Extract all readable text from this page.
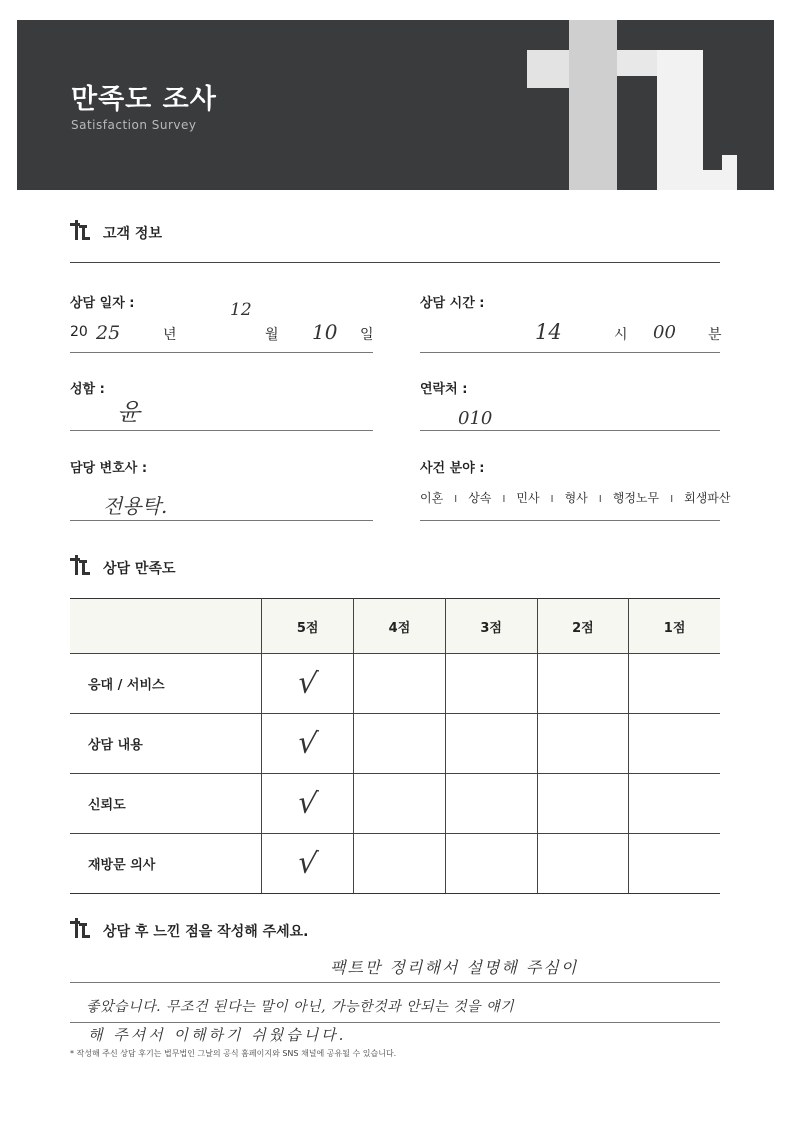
만족도 조사
Satisfaction Survey
고객 정보
상담 일자 :
20 25	년
12
월 10 일
상담 시간 :
14	시 00 분
성함 :
윤
연락처 :
010
담당 변호사 :
전용탁.
사건 분야 :
이혼 ı 상속 ı 민사 ı 형사 ı 행정노무 ı 회생파산
상담 만족도
	5점	4점	3점	2점	1점
응대 / 서비스	√				
상담 내용	√				
신뢰도	√				
재방문 의사	√				
상담 후 느낀 점을 작성해 주세요.
팩트만 정리해서 설명해 주심이
좋았습니다. 무조건 된다는 말이 아닌, 가능한것과 안되는 것을 얘기
해 주셔서 이해하기 쉬웠습니다.
* 작성해 주신 상담 후기는 법무법인 그날의 공식 홈페이지와 SNS 채널에 공유될 수 있습니다.
